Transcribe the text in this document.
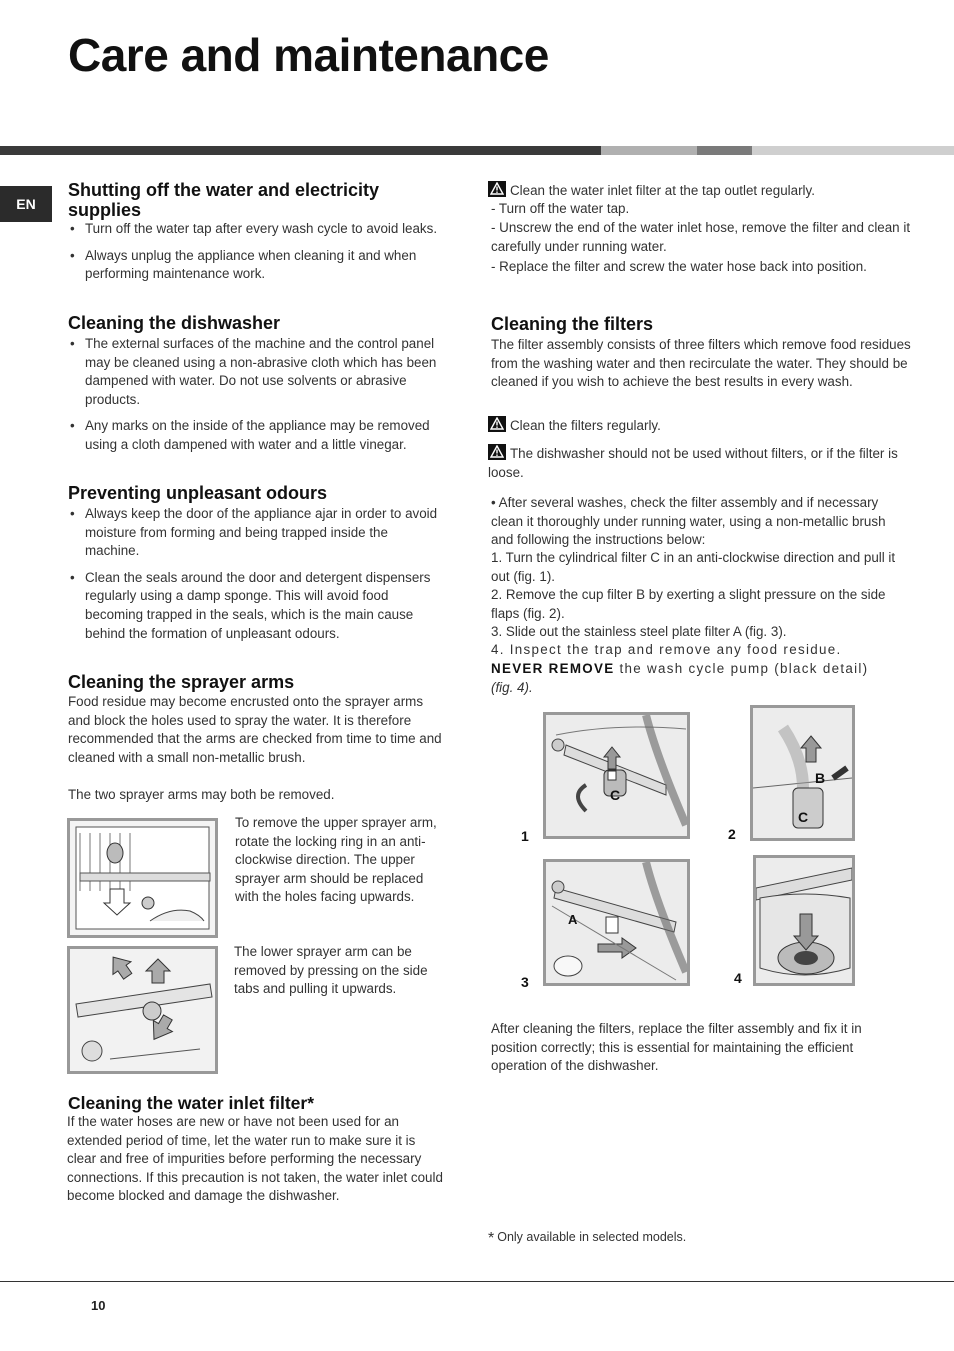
Care and maintenance
EN
Shutting off the water and electricity supplies
• Turn off the water tap after every wash cycle to avoid leaks.
• Always unplug the appliance when cleaning it and when performing maintenance work.
Cleaning the dishwasher
• The external surfaces of the machine and the control panel may be cleaned using a non-abrasive cloth which has been dampened with water. Do not use solvents or abrasive products.
• Any marks on the inside of the appliance may be removed using a cloth dampened with water and a little vinegar.
Preventing unpleasant odours
• Always keep the door of the appliance ajar in order to avoid moisture from forming and being trapped inside the machine.
• Clean the seals around the door and detergent dispensers regularly using a damp sponge. This will avoid food becoming trapped in the seals, which is the main cause behind the formation of unpleasant odours.
Cleaning the sprayer arms
Food residue may become encrusted onto the sprayer arms and block the holes used to spray the water. It is therefore recommended that the arms are checked from time to time and cleaned with a small non-metallic brush.
The two sprayer arms may both be removed.
To remove the upper sprayer arm, rotate the locking ring in an anti-clockwise direction. The upper sprayer arm should be replaced with the holes facing upwards.
The lower sprayer arm can be removed by pressing on the side tabs and pulling it upwards.
Cleaning the water inlet filter*
If the water hoses are new or have not been used for an extended period of time, let the water run to make sure it is clear and free of impurities before performing the necessary connections. If this precaution is not taken, the water inlet could become blocked and damage the dishwasher.
Clean the water inlet filter at the tap outlet regularly.
- Turn off the water tap.
- Unscrew the end of the water inlet hose, remove the filter and clean it carefully under running water.
- Replace the filter and screw the water hose back into position.
Cleaning the filters
The filter assembly consists of three filters which remove food residues from the washing water and then recirculate the water. They should be cleaned if you wish to achieve the best results in every wash.
Clean the filters regularly.
The dishwasher should not be used without filters, or if the filter is loose.
• After several washes, check the filter assembly and if necessary clean it thoroughly under running water, using a non-metallic brush and following the instructions below:
1. Turn the cylindrical filter C in an anti-clockwise direction and pull it out (fig. 1).
2. Remove the cup filter B by exerting a slight pressure on the side flaps (fig. 2).
3. Slide out the stainless steel plate filter A (fig. 3).
4. Inspect the trap and remove any food residue.
NEVER REMOVE the wash cycle pump (black detail)
(fig. 4).
C
1
B
C
2
A
3	4
After cleaning the filters, replace the filter assembly and fix it in position correctly; this is essential for maintaining the efficient operation of the dishwasher.
* Only available in selected models.
10
